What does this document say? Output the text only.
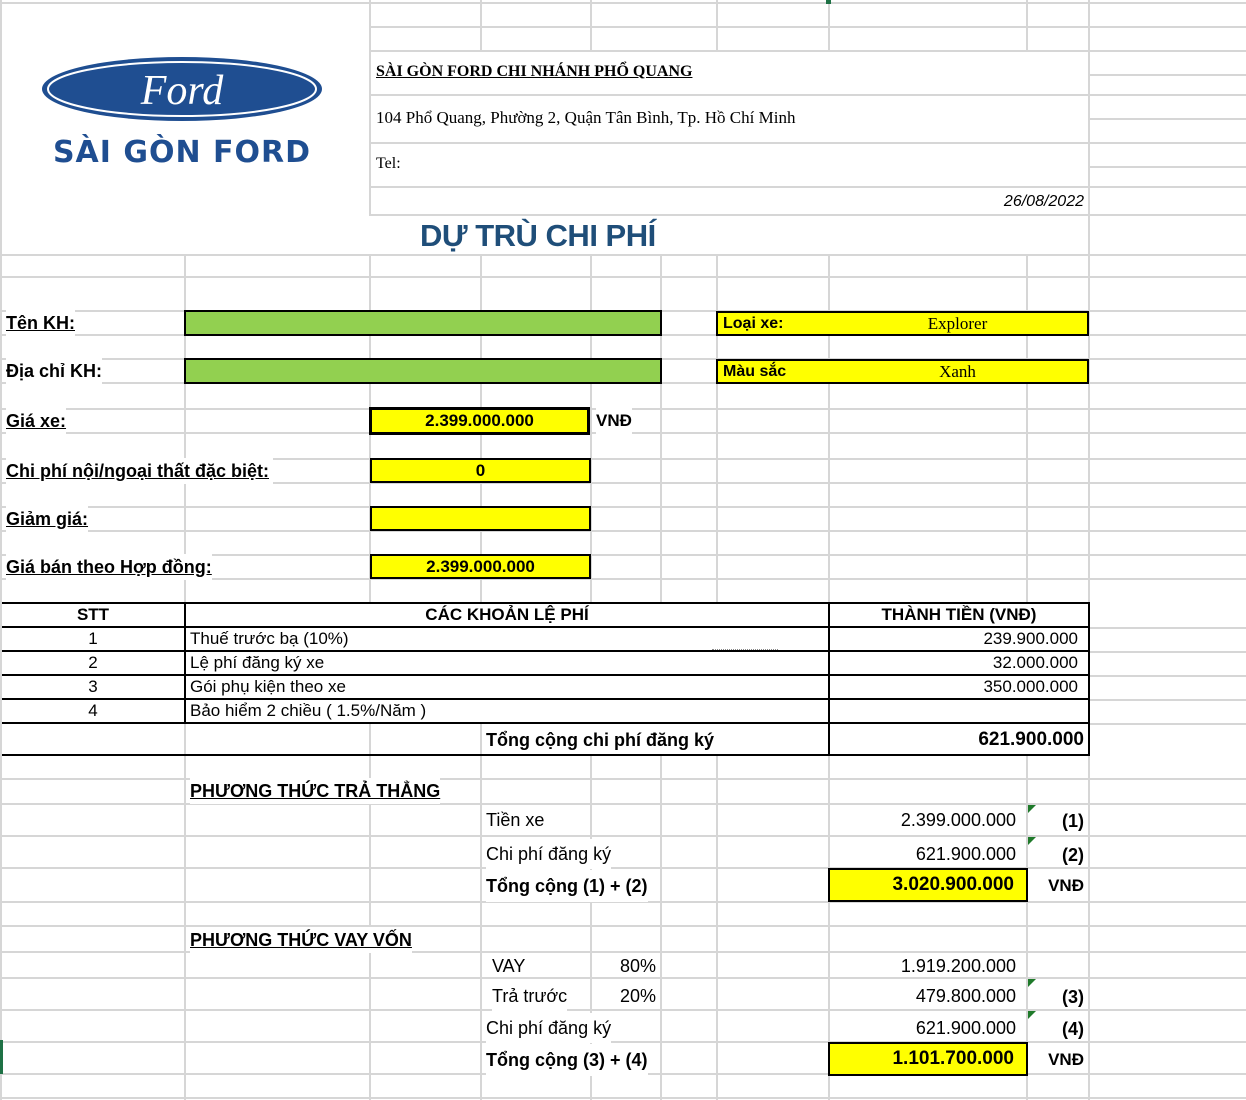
Ford
SÀI GÒN FORD
SÀI GÒN FORD CHI NHÁNH PHỔ QUANG
104 Phổ Quang, Phường 2, Quận Tân Bình, Tp. Hồ Chí Minh
Tel:
26/08/2022
DỰ TRÙ CHI PHÍ
Tên KH:
Địa chỉ KH:
Loại xe:	Explorer
Màu sắc	Xanh
Giá xe:	2.399.000.000	VNĐ
Chi phí nội/ngoại thất đặc biệt:	0
Giảm giá:
Giá bán theo Hợp đồng:	2.399.000.000
STT	CÁC KHOẢN LỆ PHÍ	THÀNH TIỀN (VNĐ)
1	Thuế trước bạ (10%)	239.900.000
2	Lệ phí đăng ký xe	32.000.000
3	Gói phụ kiện theo xe	350.000.000
4	Bảo hiểm 2 chiều ( 1.5%/Năm )
Tổng cộng chi phí đăng ký	621.900.000
PHƯƠNG THỨC TRẢ THẲNG
Tiền xe	2.399.000.000	(1)
Chi phí đăng ký	621.900.000	(2)
Tổng cộng (1) + (2)	3.020.900.000	VNĐ
PHƯƠNG THỨC VAY VỐN
VAY	80%	1.919.200.000
Trả trước	20%	479.800.000	(3)
Chi phí đăng ký	621.900.000	(4)
Tổng cộng (3) + (4)	1.101.700.000	VNĐ
